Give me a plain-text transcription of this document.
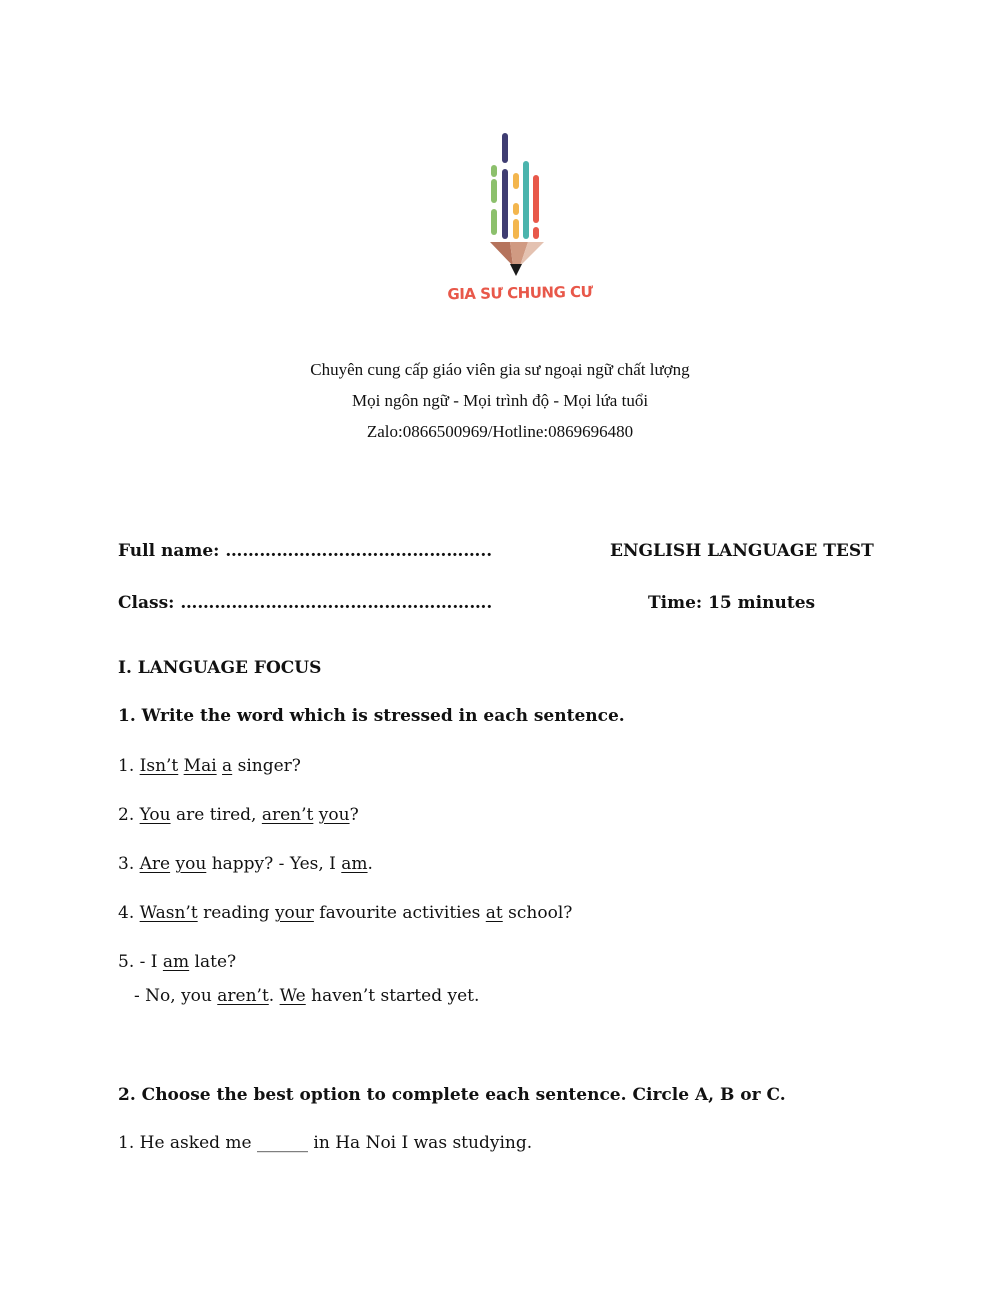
GIA SƯ CHUNG CƯ
Chuyên cung cấp giáo viên gia sư ngoại ngữ chất lượng
Mọi ngôn ngữ - Mọi trình độ - Mọi lứa tuổi
Zalo:0866500969/Hotline:0869696480
Full name: ………………………………………..	ENGLISH LANGUAGE TEST
Class: ……………………………………………….	Time: 15 minutes
I. LANGUAGE FOCUS
1. Write the word which is stressed in each sentence.
1. Isn’t Mai a singer?
2. You are tired, aren’t you?
3. Are you happy? - Yes, I am.
4. Wasn’t reading your favourite activities at school?
5. - I am late?
- No, you aren’t. We haven’t started yet.
2. Choose the best option to complete each sentence. Circle A, B or C.
1. He asked me ______ in Ha Noi I was studying.
